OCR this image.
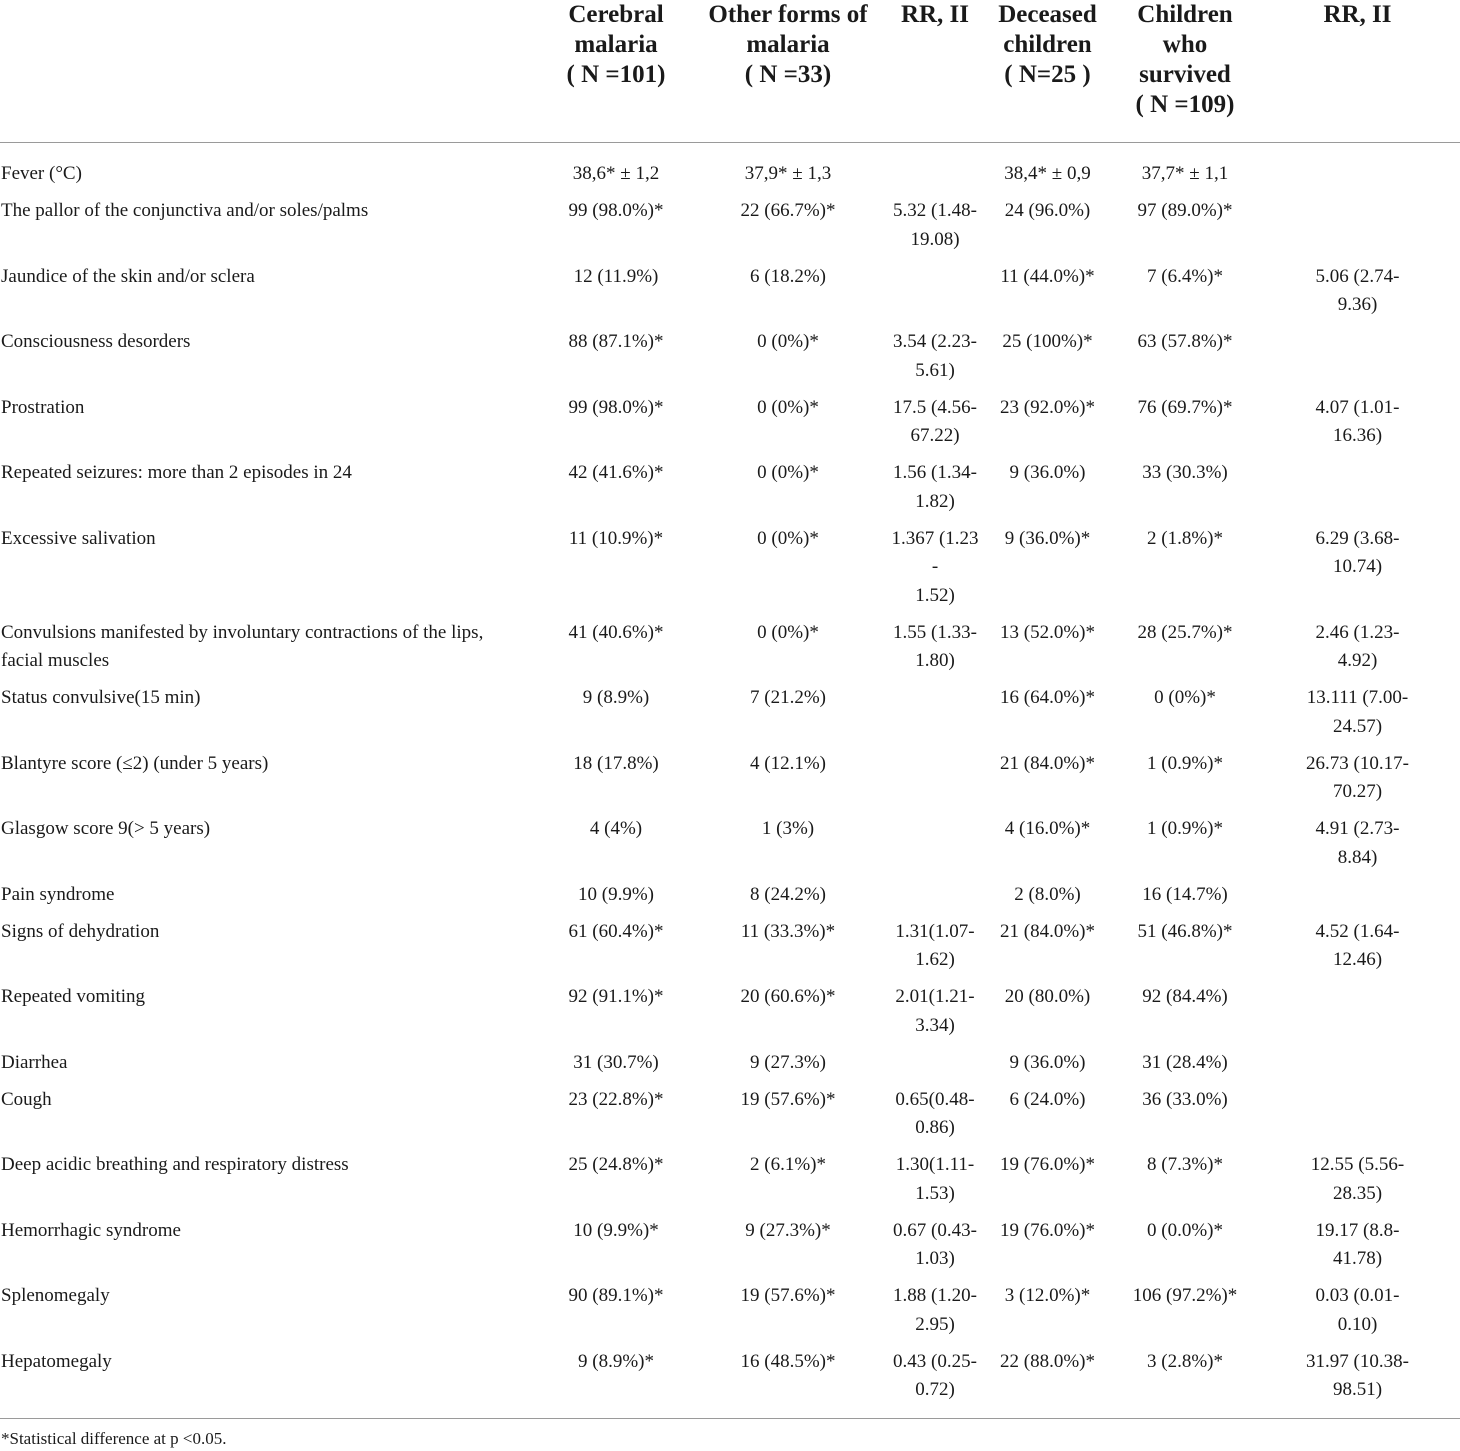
	Cerebral
malaria
( N =101)	Other forms of
malaria
( N =33)	RR, II	Deceased
children
( N=25 )	Children
who
survived
( N =109)	RR, II

Fever (°C)	38,6* ± 1,2	37,9* ± 1,3		38,4* ± 0,9	37,7* ± 1,1	

The pallor of the conjunctiva and/or soles/palms	99 (98.0%)*	22 (66.7%)*	5.32 (1.48-
19.08)	24 (96.0%)	97 (89.0%)*	

Jaundice of the skin and/or sclera	12 (11.9%)	6 (18.2%)		11 (44.0%)*	7 (6.4%)*	5.06 (2.74-
9.36)

Consciousness desorders	88 (87.1%)*	0 (0%)*	3.54 (2.23-
5.61)	25 (100%)*	63 (57.8%)*	

Prostration	99 (98.0%)*	0 (0%)*	17.5 (4.56-
67.22)	23 (92.0%)*	76 (69.7%)*	4.07 (1.01-
16.36)

Repeated seizures: more than 2 episodes in 24	42 (41.6%)*	0 (0%)*	1.56 (1.34-
1.82)	9 (36.0%)	33 (30.3%)	

Excessive salivation	11 (10.9%)*	0 (0%)*	1.367 (1.23-
1.52)	9 (36.0%)*	2 (1.8%)*	6.29 (3.68-
10.74)

Convulsions manifested by involuntary contractions of the lips, facial muscles	41 (40.6%)*	0 (0%)*	1.55 (1.33-
1.80)	13 (52.0%)*	28 (25.7%)*	2.46 (1.23-
4.92)

Status convulsive(15 min)	9 (8.9%)	7 (21.2%)		16 (64.0%)*	0 (0%)*	13.111 (7.00-
24.57)

Blantyre score (≤2) (under 5 years)	18 (17.8%)	4 (12.1%)		21 (84.0%)*	1 (0.9%)*	26.73 (10.17-
70.27)

Glasgow score 9(> 5 years)	4 (4%)	1 (3%)		4 (16.0%)*	1 (0.9%)*	4.91 (2.73-
8.84)

Pain syndrome	10 (9.9%)	8 (24.2%)		2 (8.0%)	16 (14.7%)	

Signs of dehydration	61 (60.4%)*	11 (33.3%)*	1.31(1.07-
1.62)	21 (84.0%)*	51 (46.8%)*	4.52 (1.64-
12.46)

Repeated vomiting	92 (91.1%)*	20 (60.6%)*	2.01(1.21-
3.34)	20 (80.0%)	92 (84.4%)	

Diarrhea	31 (30.7%)	9 (27.3%)		9 (36.0%)	31 (28.4%)	

Cough	23 (22.8%)*	19 (57.6%)*	0.65(0.48-
0.86)	6 (24.0%)	36 (33.0%)	

Deep acidic breathing and respiratory distress	25 (24.8%)*	2 (6.1%)*	1.30(1.11-
1.53)	19 (76.0%)*	8 (7.3%)*	12.55 (5.56-
28.35)

Hemorrhagic syndrome	10 (9.9%)*	9 (27.3%)*	0.67 (0.43-
1.03)	19 (76.0%)*	0 (0.0%)*	19.17 (8.8-
41.78)

Splenomegaly	90 (89.1%)*	19 (57.6%)*	1.88 (1.20-
2.95)	3 (12.0%)*	106 (97.2%)*	0.03 (0.01-
0.10)

Hepatomegaly	9 (8.9%)*	16 (48.5%)*	0.43 (0.25-
0.72)	22 (88.0%)*	3 (2.8%)*	31.97 (10.38-
98.51)
*Statistical difference at p <0.05.
